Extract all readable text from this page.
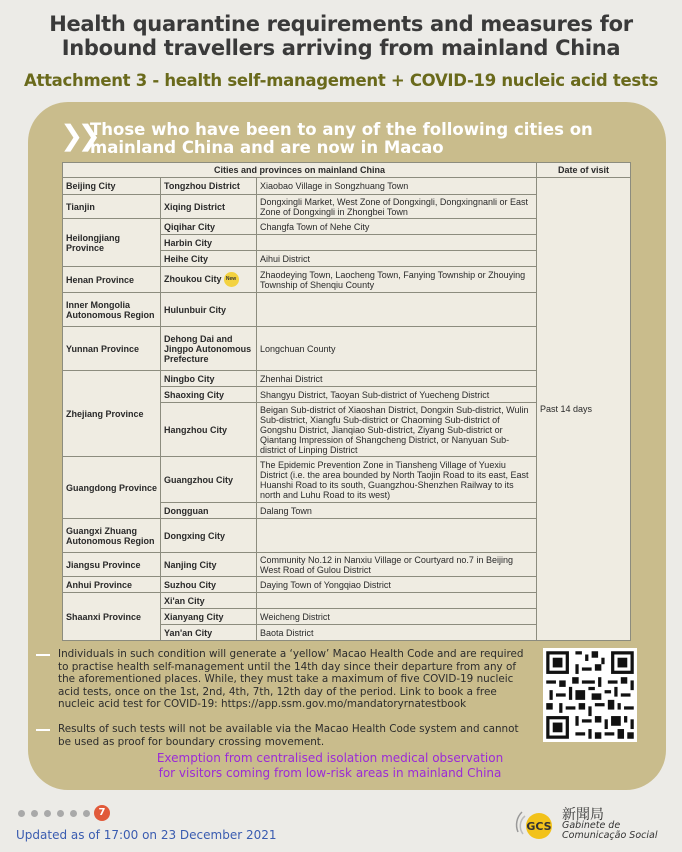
Health quarantine requirements and measures for
Inbound travellers arriving from mainland China
Attachment 3 - health self-management + COVID-19 nucleic acid tests
❯❯
Those who have been to any of the following cities on
mainland China and are now in Macao
Cities and provinces on mainland China			Date of visit
Beijing City	Tongzhou District	Xiaobao Village in Songzhuang Town	Past 14 days
Tianjin	Xiqing District	Dongxingli Market, West Zone of Dongxingli, Dongxingnanli or East Zone of Dongxingli in Zhongbei Town	
Heilongjiang Province	Qiqihar City	Changfa Town of Nehe City	
	Harbin City		
	Heihe City	Aihui District	
Henan Province	Zhoukou City New	Zhaodeying Town, Laocheng Town, Fanying Township or Zhouying Township of Shenqiu County	
Inner Mongolia Autonomous Region	Hulunbuir City		
Yunnan Province	Dehong Dai and Jingpo Autonomous Prefecture	Longchuan County	
Zhejiang Province	Ningbo City	Zhenhai District	
	Shaoxing City	Shangyu District, Taoyan Sub-district of Yuecheng District	
	Hangzhou City	Beigan Sub-district of Xiaoshan District, Dongxin Sub-district, Wulin Sub-district, Xiangfu Sub-district or Chaoming Sub-district of Gongshu District, Jianqiao Sub-district, Ziyang Sub-district or Qiantang Impression of Shangcheng District, or Nanyuan Sub-district of Linping District	
Guangdong Province	Guangzhou City	The Epidemic Prevention Zone in Tiansheng Village of Yuexiu District (i.e. the area bounded by North Taojin Road to its east, East Huanshi Road to its south, Guangzhou-Shenzhen Railway to its north and Luhu Road to its west)	
	Dongguan	Dalang Town	
Guangxi Zhuang Autonomous Region	Dongxing City		
Jiangsu Province	Nanjing City	Community No.12 in Nanxiu Village or Courtyard no.7 in Beijing West Road of Gulou District	
Anhui Province	Suzhou City	Daying Town of Yongqiao District	
Shaanxi Province	Xi'an City		
	Xianyang City	Weicheng District	
	Yan'an City	Baota District	
Individuals in such condition will generate a ‘yellow’ Macao Health Code and are required to practise health self-management until the 14th day since their departure from any of the aforementioned places. While, they must take a maximum of five COVID-19 nucleic acid tests, once on the 1st, 2nd, 4th, 7th, 12th day of the period. Link to book a free nucleic acid test for COVID-19: https://app.ssm.gov.mo/mandatoryrnatestbook
Results of such tests will not be available via the Macao Health Code system and cannot be used as proof for boundary crossing movement.
Exemption from centralised isolation medical observation
for visitors coming from low-risk areas in mainland China
7
Updated as of 17:00 on 23 December 2021
GCS
新聞局
Gabinete de
Comunicação Social
